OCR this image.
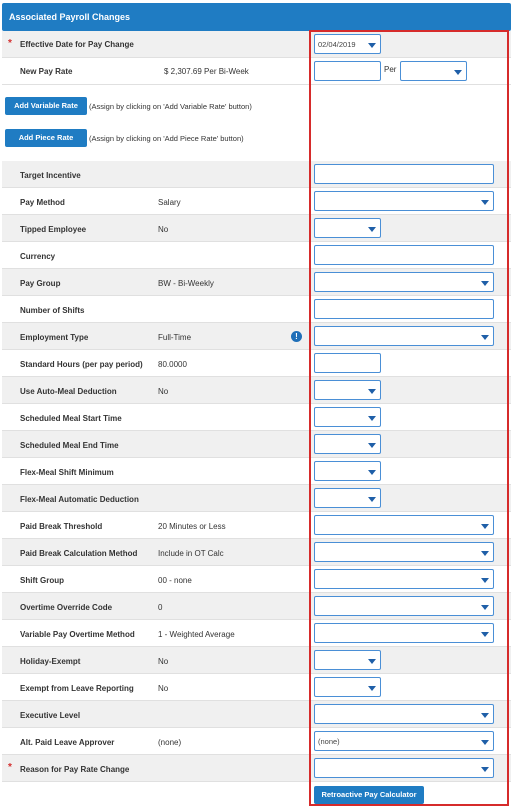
Associated Payroll Changes
* Effective Date for Pay Change	02/04/2019
New Pay Rate	$ 2,307.69 Per Bi-Week	Per
Add Variable Rate	(Assign by clicking on 'Add Variable Rate' button)
Add Piece Rate	(Assign by clicking on 'Add Piece Rate' button)
Target Incentive
Pay Method	Salary
Tipped Employee	No
Currency
Pay Group	BW - Bi-Weekly
Number of Shifts
Employment Type	Full-Time	!
Standard Hours (per pay period) 80.0000
Use Auto-Meal Deduction	No
Scheduled Meal Start Time
Scheduled Meal End Time
Flex-Meal Shift Minimum
Flex-Meal Automatic Deduction
Paid Break Threshold	20 Minutes or Less
Paid Break Calculation Method	Include in OT Calc
Shift Group	00 - none
Overtime Override Code	0
Variable Pay Overtime Method	1 - Weighted Average
Holiday-Exempt	No
Exempt from Leave Reporting	No
Executive Level
Alt. Paid Leave Approver	(none)	(none)
* Reason for Pay Rate Change
Retroactive Pay Calculator
